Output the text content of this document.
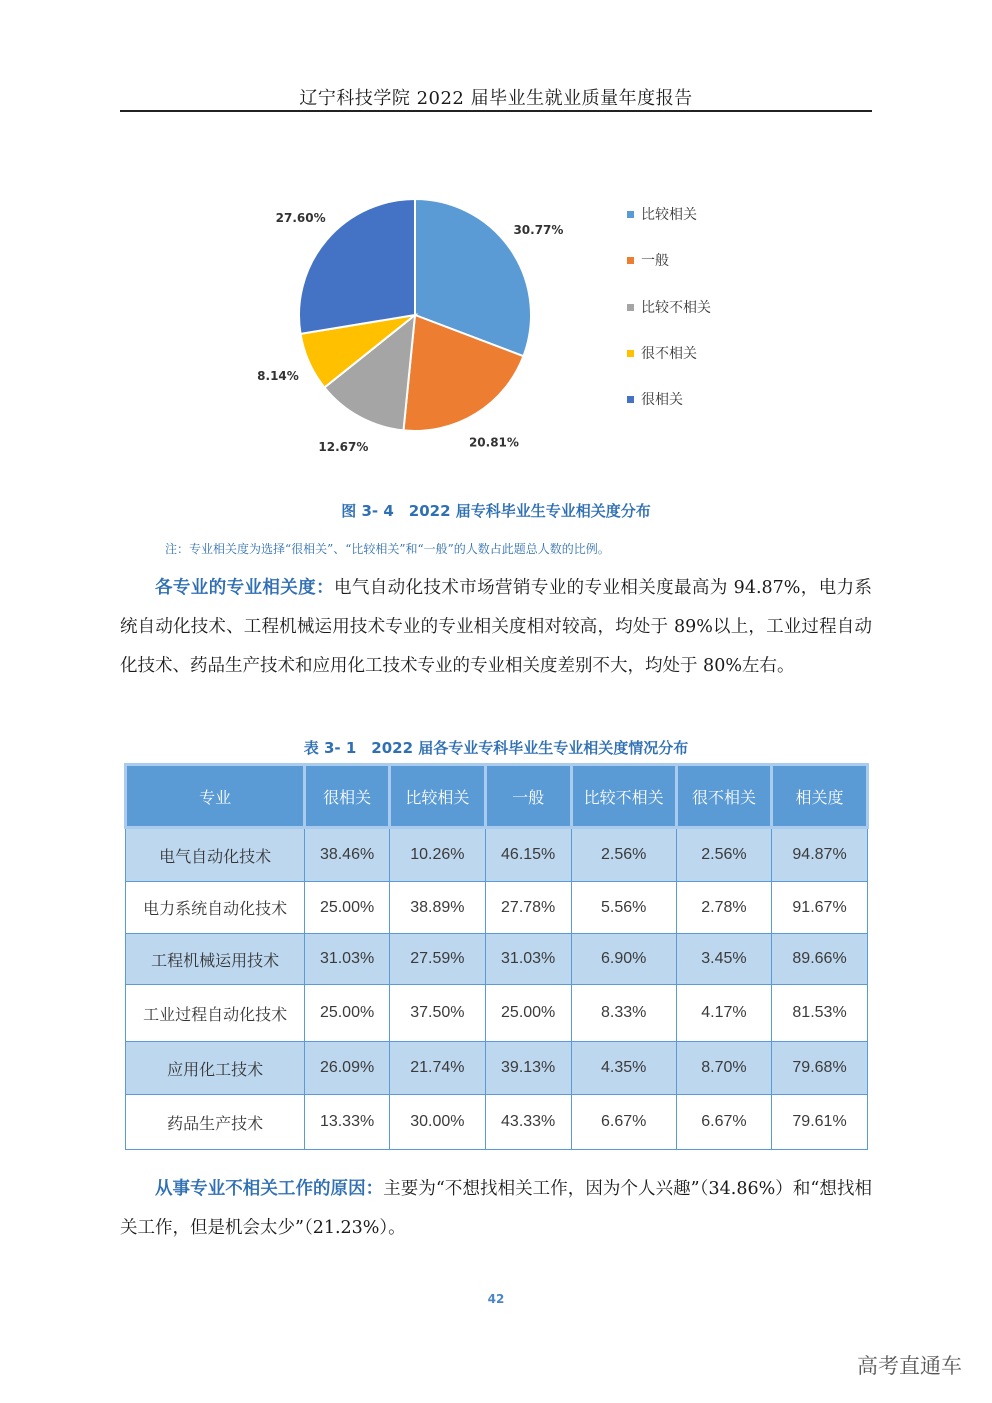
辽宁科技学院 2022 届毕业生就业质量年度报告
30.77%
20.81%
12.67%
8.14%
27.60%	比较相关
一般
比较不相关
很不相关
很相关
图 3- 4　2022 届专科毕业生专业相关度分布
注：专业相关度为选择“很相关”、“比较相关”和“一般”的人数占此题总人数的比例。
各专业的专业相关度：电气自动化技术市场营销专业的专业相关度最高为 94.87%，电力系统自动化技术、工程机械运用技术专业的专业相关度相对较高，均处于 89%以上，工业过程自动化技术、药品生产技术和应用化工技术专业的专业相关度差别不大，均处于 80%左右。
表 3- 1　2022 届各专业专科毕业生专业相关度情况分布
专业	很相关	比较相关	一般	比较不相关	很不相关	相关度
电气自动化技术	38.46%	10.26%	46.15%	2.56%	2.56%	94.87%
电力系统自动化技术	25.00%	38.89%	27.78%	5.56%	2.78%	91.67%
工程机械运用技术	31.03%	27.59%	31.03%	6.90%	3.45%	89.66%
工业过程自动化技术	25.00%	37.50%	25.00%	8.33%	4.17%	81.53%
应用化工技术	26.09%	21.74%	39.13%	4.35%	8.70%	79.68%
药品生产技术	13.33%	30.00%	43.33%	6.67%	6.67%	79.61%
从事专业不相关工作的原因：主要为“不想找相关工作，因为个人兴趣”（34.86%）和“想找相关工作，但是机会太少”（21.23%）。
42
高考直通车
